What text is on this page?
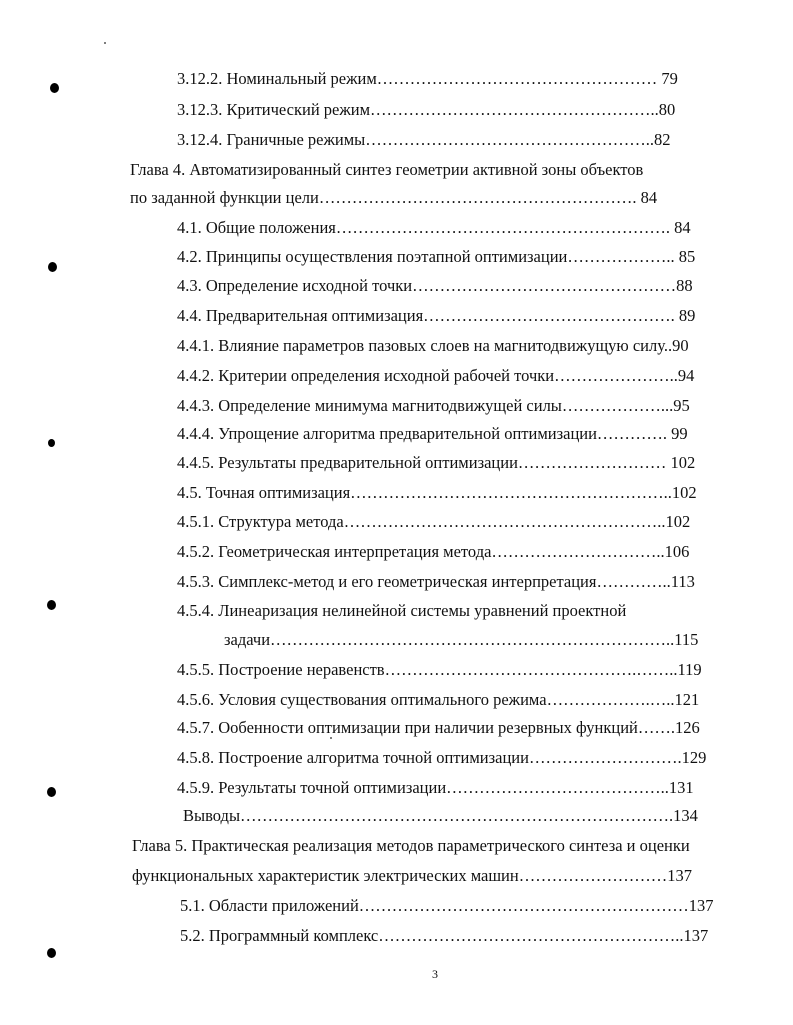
3.12.2. Номинальный режим…………………………………………… 79
3.12.3. Критический режим……………………………………………..80
3.12.4. Граничные режимы……………………………………………..82
Глава 4. Автоматизированный синтез геометрии активной зоны объектов
по заданной функции цели…………………………………………………. 84
4.1. Общие положения……………………………………………………. 84
4.2. Принципы осуществления поэтапной оптимизации……………….. 85
4.3. Определение исходной точки…………………………………………88
4.4. Предварительная оптимизация………………………………………. 89
4.4.1. Влияние параметров пазовых слоев на магнитодвижущую силу..90
4.4.2. Критерии определения исходной рабочей точки…………………..94
4.4.3. Определение минимума магнитодвижущей силы………………...95
4.4.4. Упрощение алгоритма предварительной оптимизации…………. 99
4.4.5. Результаты предварительной оптимизации……………………… 102
4.5. Точная оптимизация…………………………………………………..102
4.5.1. Структура метода…………………………………………………..102
4.5.2. Геометрическая интерпретация метода…………………………..106
4.5.3. Симплекс-метод и его геометрическая интерпретация…………..113
4.5.4. Линеаризация нелинейной системы уравнений проектной
задачи………………………………………………………………..115
4.5.5. Построение неравенств……………………………………….……..119
4.5.6. Условия существования оптимального режима……………….…..121
4.5.7. Ообенности оптимизации при наличии резервных функций…….126
4.5.8. Построение алгоритма точной оптимизации……………………….129
4.5.9. Результаты точной оптимизации…………………………………..131
Выводы…………………………………………………………………….134
Глава 5. Практическая реализация методов параметрического синтеза и оценки
функциональных характеристик электрических машин………………………137
5.1. Области приложений……………………………………………………137
5.2. Программный комплекс………………………………………………..137
3
